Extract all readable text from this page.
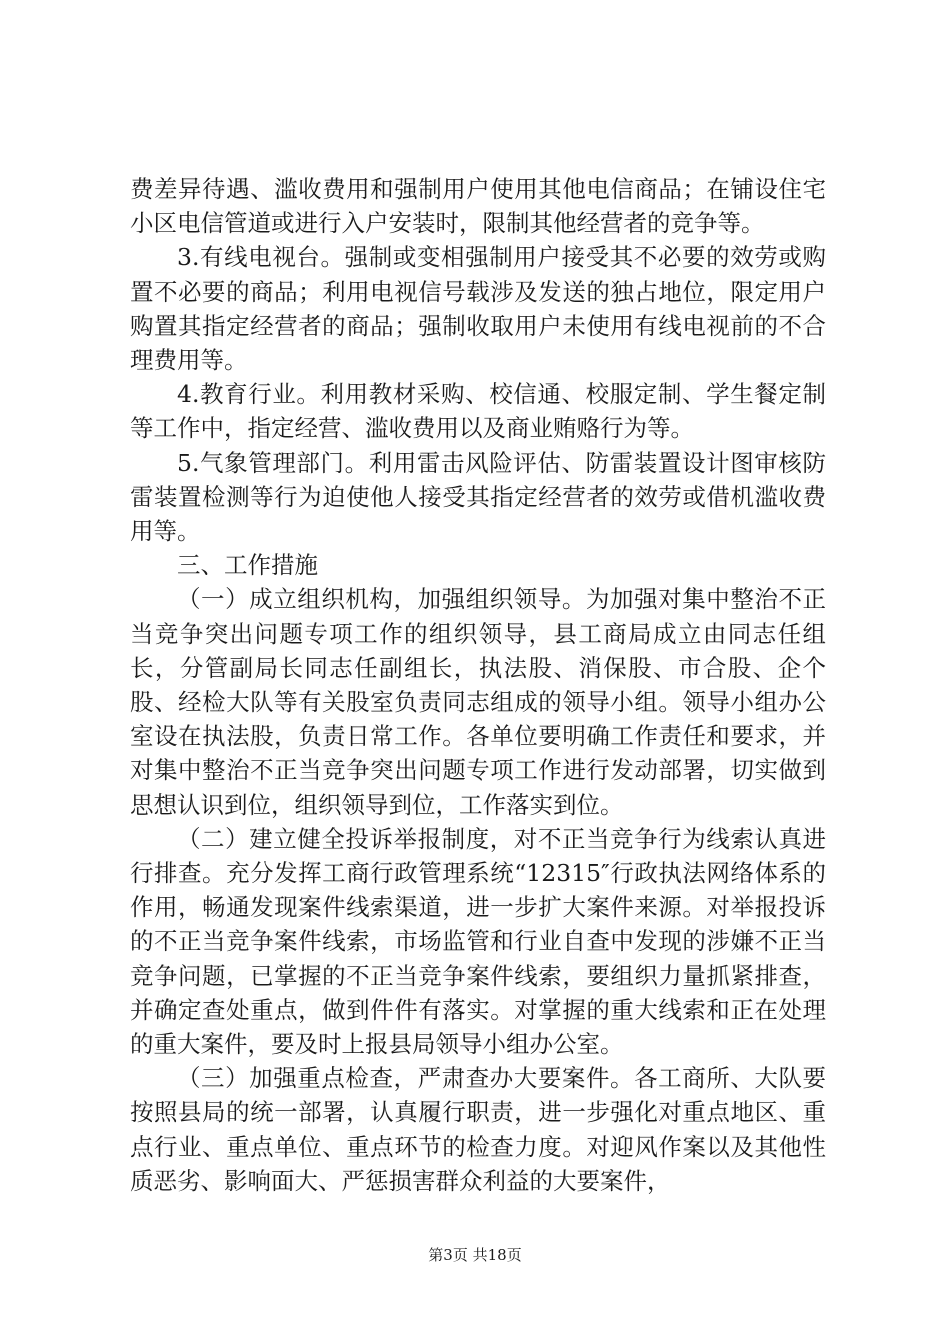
费差异待遇、滥收费用和强制用户使用其他电信商品；在铺设住宅小区电信管道或进行入户安装时，限制其他经营者的竞争等。

3.有线电视台。强制或变相强制用户接受其不必要的效劳或购置不必要的商品；利用电视信号载涉及发送的独占地位，限定用户购置其指定经营者的商品；强制收取用户未使用有线电视前的不合理费用等。

4.教育行业。利用教材采购、校信通、校服定制、学生餐定制等工作中，指定经营、滥收费用以及商业贿赂行为等。

5.气象管理部门。利用雷击风险评估、防雷装置设计图审核防雷装置检测等行为迫使他人接受其指定经营者的效劳或借机滥收费用等。

三、工作措施

（一）成立组织机构，加强组织领导。为加强对集中整治不正当竞争突出问题专项工作的组织领导，县工商局成立由同志任组长，分管副局长同志任副组长，执法股、消保股、市合股、企个股、经检大队等有关股室负责同志组成的领导小组。领导小组办公室设在执法股，负责日常工作。各单位要明确工作责任和要求，并对集中整治不正当竞争突出问题专项工作进行发动部署，切实做到思想认识到位，组织领导到位，工作落实到位。

（二）建立健全投诉举报制度，对不正当竞争行为线索认真进行排查。充分发挥工商行政管理系统“12315″行政执法网络体系的作用，畅通发现案件线索渠道，进一步扩大案件来源。对举报投诉的不正当竞争案件线索，市场监管和行业自查中发现的涉嫌不正当竞争问题，已掌握的不正当竞争案件线索，要组织力量抓紧排查，并确定查处重点，做到件件有落实。对掌握的重大线索和正在处理的重大案件，要及时上报县局领导小组办公室。

（三）加强重点检查，严肃查办大要案件。各工商所、大队要按照县局的统一部署，认真履行职责，进一步强化对重点地区、重点行业、重点单位、重点环节的检查力度。对迎风作案以及其他性质恶劣、影响面大、严惩损害群众利益的大要案件，

第3页 共18页
